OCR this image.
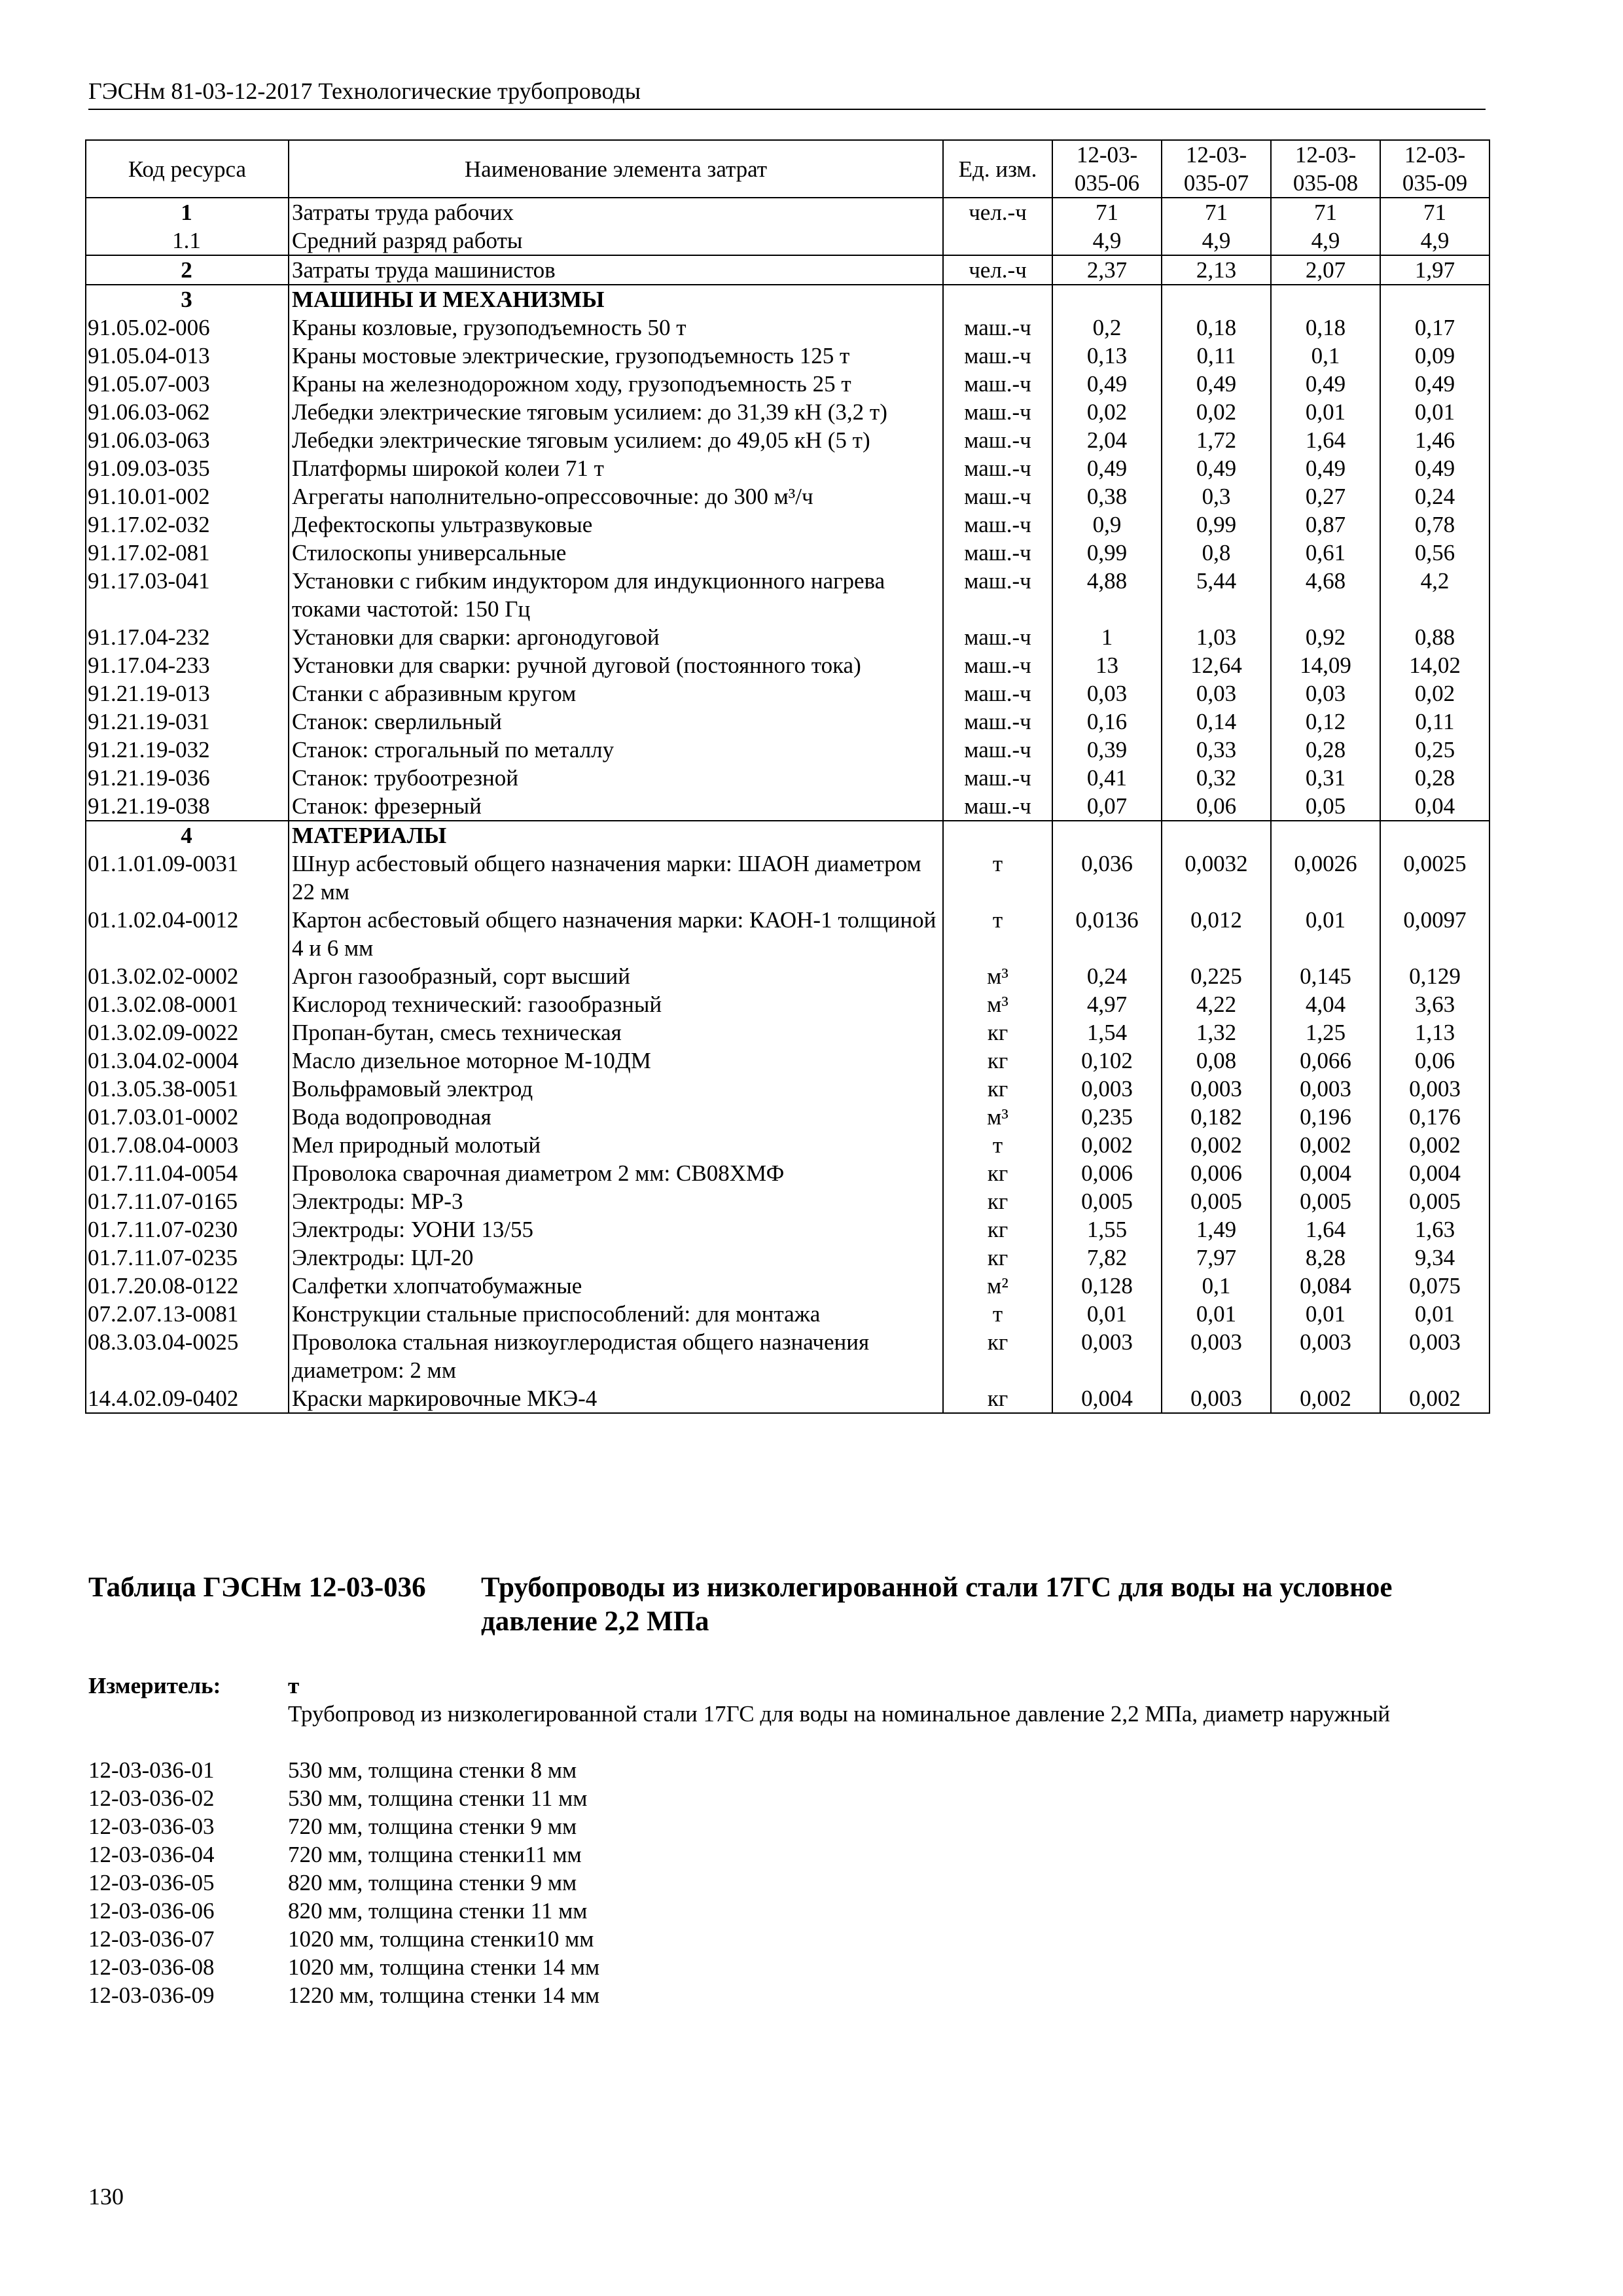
ГЭСНм 81-03-12-2017 Технологические трубопроводы
Код ресурса	Наименование элемента затрат	Ед. изм.	12-03-035-06	12-03-035-07	12-03-035-08	12-03-035-09
1	Затраты труда рабочих	чел.-ч	71	71	71	71
1.1	Средний разряд работы		4,9	4,9	4,9	4,9
2	Затраты труда машинистов	чел.-ч	2,37	2,13	2,07	1,97
3	МАШИНЫ И МЕХАНИЗМЫ					
91.05.02-006	Краны козловые, грузоподъемность 50 т	маш.-ч	0,2	0,18	0,18	0,17
91.05.04-013	Краны мостовые электрические, грузоподъемность 125 т	маш.-ч	0,13	0,11	0,1	0,09
91.05.07-003	Краны на железнодорожном ходу, грузоподъемность 25 т	маш.-ч	0,49	0,49	0,49	0,49
91.06.03-062	Лебедки электрические тяговым усилием: до 31,39 кН (3,2 т)	маш.-ч	0,02	0,02	0,01	0,01
91.06.03-063	Лебедки электрические тяговым усилием: до 49,05 кН (5 т)	маш.-ч	2,04	1,72	1,64	1,46
91.09.03-035	Платформы широкой колеи 71 т	маш.-ч	0,49	0,49	0,49	0,49
91.10.01-002	Агрегаты наполнительно-опрессовочные: до 300 м³/ч	маш.-ч	0,38	0,3	0,27	0,24
91.17.02-032	Дефектоскопы ультразвуковые	маш.-ч	0,9	0,99	0,87	0,78
91.17.02-081	Стилоскопы универсальные	маш.-ч	0,99	0,8	0,61	0,56
91.17.03-041	Установки с гибким индуктором для индукционного нагрева токами частотой: 150 Гц	маш.-ч	4,88	5,44	4,68	4,2
91.17.04-232	Установки для сварки: аргонодуговой	маш.-ч	1	1,03	0,92	0,88
91.17.04-233	Установки для сварки: ручной дуговой (постоянного тока)	маш.-ч	13	12,64	14,09	14,02
91.21.19-013	Станки с абразивным кругом	маш.-ч	0,03	0,03	0,03	0,02
91.21.19-031	Станок: сверлильный	маш.-ч	0,16	0,14	0,12	0,11
91.21.19-032	Станок: строгальный по металлу	маш.-ч	0,39	0,33	0,28	0,25
91.21.19-036	Станок: трубоотрезной	маш.-ч	0,41	0,32	0,31	0,28
91.21.19-038	Станок: фрезерный	маш.-ч	0,07	0,06	0,05	0,04
4	МАТЕРИАЛЫ					
01.1.01.09-0031	Шнур асбестовый общего назначения марки: ШАОН диаметром 22 мм	т	0,036	0,0032	0,0026	0,0025
01.1.02.04-0012	Картон асбестовый общего назначения марки: КАОН-1 толщиной 4 и 6 мм	т	0,0136	0,012	0,01	0,0097
01.3.02.02-0002	Аргон газообразный, сорт высший	м³	0,24	0,225	0,145	0,129
01.3.02.08-0001	Кислород технический: газообразный	м³	4,97	4,22	4,04	3,63
01.3.02.09-0022	Пропан-бутан, смесь техническая	кг	1,54	1,32	1,25	1,13
01.3.04.02-0004	Масло дизельное моторное М-10ДМ	кг	0,102	0,08	0,066	0,06
01.3.05.38-0051	Вольфрамовый электрод	кг	0,003	0,003	0,003	0,003
01.7.03.01-0002	Вода водопроводная	м³	0,235	0,182	0,196	0,176
01.7.08.04-0003	Мел природный молотый	т	0,002	0,002	0,002	0,002
01.7.11.04-0054	Проволока сварочная диаметром 2 мм: СВ08ХМФ	кг	0,006	0,006	0,004	0,004
01.7.11.07-0165	Электроды: МР-3	кг	0,005	0,005	0,005	0,005
01.7.11.07-0230	Электроды: УОНИ 13/55	кг	1,55	1,49	1,64	1,63
01.7.11.07-0235	Электроды: ЦЛ-20	кг	7,82	7,97	8,28	9,34
01.7.20.08-0122	Салфетки хлопчатобумажные	м²	0,128	0,1	0,084	0,075
07.2.07.13-0081	Конструкции стальные приспособлений: для монтажа	т	0,01	0,01	0,01	0,01
08.3.03.04-0025	Проволока стальная низкоуглеродистая общего назначения диаметром: 2 мм	кг	0,003	0,003	0,003	0,003
14.4.02.09-0402	Краски маркировочные МКЭ-4	кг	0,004	0,003	0,002	0,002
Таблица ГЭСНм 12-03-036 Трубопроводы из низколегированной стали 17ГС для воды на условное давление 2,2 МПа
Измеритель:	т
Трубопровод из низколегированной стали 17ГС для воды на номинальное давление 2,2 МПа, диаметр наружный
12-03-036-01	530 мм, толщина стенки 8 мм
12-03-036-02	530 мм, толщина стенки 11 мм
12-03-036-03	720 мм, толщина стенки 9 мм
12-03-036-04	720 мм, толщина стенки11 мм
12-03-036-05	820 мм, толщина стенки 9 мм
12-03-036-06	820 мм, толщина стенки 11 мм
12-03-036-07	1020 мм, толщина стенки10 мм
12-03-036-08	1020 мм, толщина стенки 14 мм
12-03-036-09	1220 мм, толщина стенки 14 мм
130
